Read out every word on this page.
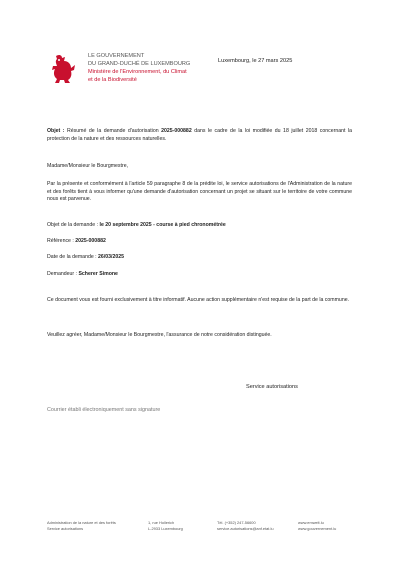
LE GOUVERNEMENT
DU GRAND-DUCHÉ DE LUXEMBOURG
Ministère de l'Environnement, du Climat
et de la Biodiversité
Luxembourg, le 27 mars 2025
Objet : Résumé de la demande d'autorisation 2025-000882 dans le cadre de la loi modifiée du 18 juillet 2018 concernant la protection de la nature et des ressources naturelles.
Madame/Monsieur le Bourgmestre,
Par la présente et conformément à l'article 59 paragraphe 8 de la prédite loi, le service autorisations de l'Administration de la nature et des forêts tient à vous informer qu'une demande d'autorisation concernant un projet se situant sur le territoire de votre commune nous est parvenue.
Objet de la demande : le 20 septembre 2025 - course à pied chronométrée
Référence : 2025-000882
Date de la demande : 26/03/2025
Demandeur : Scherer Simone
Ce document vous est fourni exclusivement à titre informatif. Aucune action supplémentaire n'est requise de la part de la commune.
Veuillez agréer, Madame/Monsieur le Bourgmestre, l'assurance de notre considération distinguée.
Service autorisations
Courrier établi électroniquement sans signature
Administration de la nature et des forêts
Service autorisations
1, rue Hollerich
L-2933 Luxembourg
Tél. (+352) 247-56600
service.autorisations@anf.etat.lu
www.emwelt.lu
www.gouvernement.lu
